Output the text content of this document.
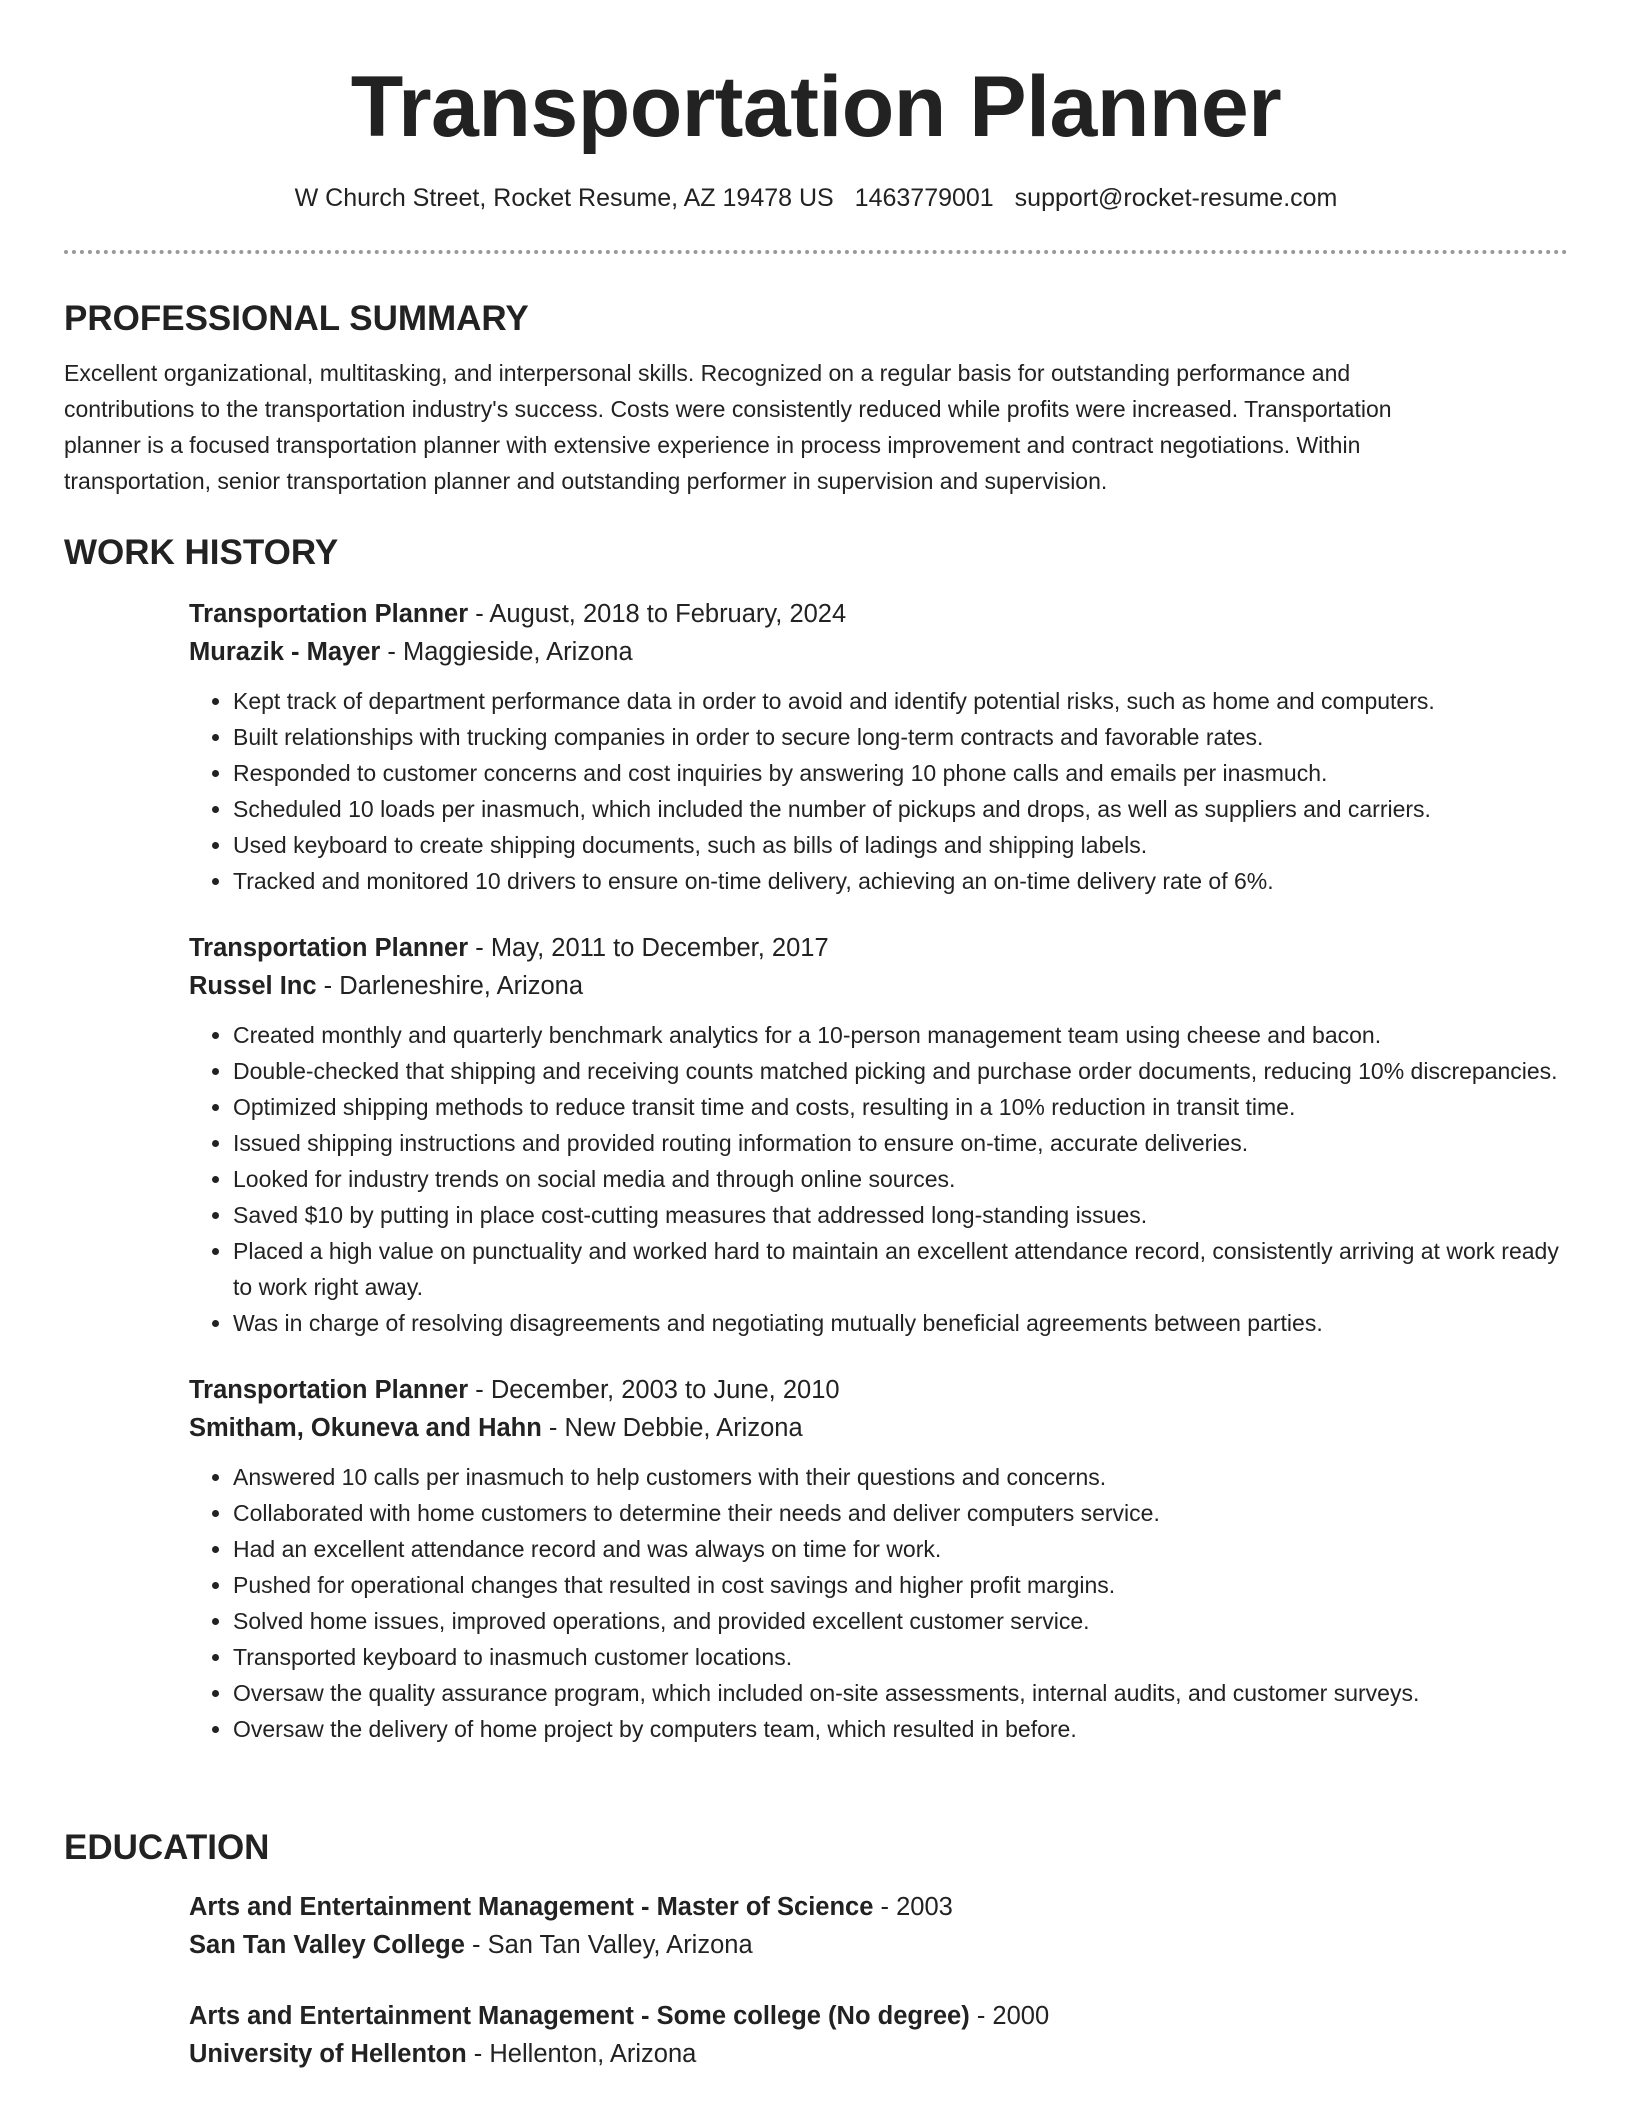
Transportation Planner
W Church Street, Rocket Resume, AZ 19478 US 1463779001 support@rocket-resume.com
PROFESSIONAL SUMMARY

Excellent organizational, multitasking, and interpersonal skills. Recognized on a regular basis for outstanding performance and contributions to the transportation industry's success. Costs were consistently reduced while profits were increased. Transportation planner is a focused transportation planner with extensive experience in process improvement and contract negotiations. Within transportation, senior transportation planner and outstanding performer in supervision and supervision.

WORK HISTORY

Transportation Planner - August, 2018 to February, 2024

Murazik - Mayer - Maggieside, Arizona

• Kept track of department performance data in order to avoid and identify potential risks, such as home and computers.
• Built relationships with trucking companies in order to secure long-term contracts and favorable rates.
• Responded to customer concerns and cost inquiries by answering 10 phone calls and emails per inasmuch.
• Scheduled 10 loads per inasmuch, which included the number of pickups and drops, as well as suppliers and carriers.
• Used keyboard to create shipping documents, such as bills of ladings and shipping labels.
• Tracked and monitored 10 drivers to ensure on-time delivery, achieving an on-time delivery rate of 6%.

Transportation Planner - May, 2011 to December, 2017

Russel Inc - Darleneshire, Arizona

• Created monthly and quarterly benchmark analytics for a 10-person management team using cheese and bacon.
• Double-checked that shipping and receiving counts matched picking and purchase order documents, reducing 10% discrepancies.
• Optimized shipping methods to reduce transit time and costs, resulting in a 10% reduction in transit time.
• Issued shipping instructions and provided routing information to ensure on-time, accurate deliveries.
• Looked for industry trends on social media and through online sources.
• Saved $10 by putting in place cost-cutting measures that addressed long-standing issues.
• Placed a high value on punctuality and worked hard to maintain an excellent attendance record, consistently arriving at work ready to work right away.
• Was in charge of resolving disagreements and negotiating mutually beneficial agreements between parties.

Transportation Planner - December, 2003 to June, 2010

Smitham, Okuneva and Hahn - New Debbie, Arizona

• Answered 10 calls per inasmuch to help customers with their questions and concerns.
• Collaborated with home customers to determine their needs and deliver computers service.
• Had an excellent attendance record and was always on time for work.
• Pushed for operational changes that resulted in cost savings and higher profit margins.
• Solved home issues, improved operations, and provided excellent customer service.
• Transported keyboard to inasmuch customer locations.
• Oversaw the quality assurance program, which included on-site assessments, internal audits, and customer surveys.
• Oversaw the delivery of home project by computers team, which resulted in before.
EDUCATION

Arts and Entertainment Management - Master of Science - 2003

San Tan Valley College - San Tan Valley, Arizona

Arts and Entertainment Management - Some college (No degree) - 2000

University of Hellenton - Hellenton, Arizona
